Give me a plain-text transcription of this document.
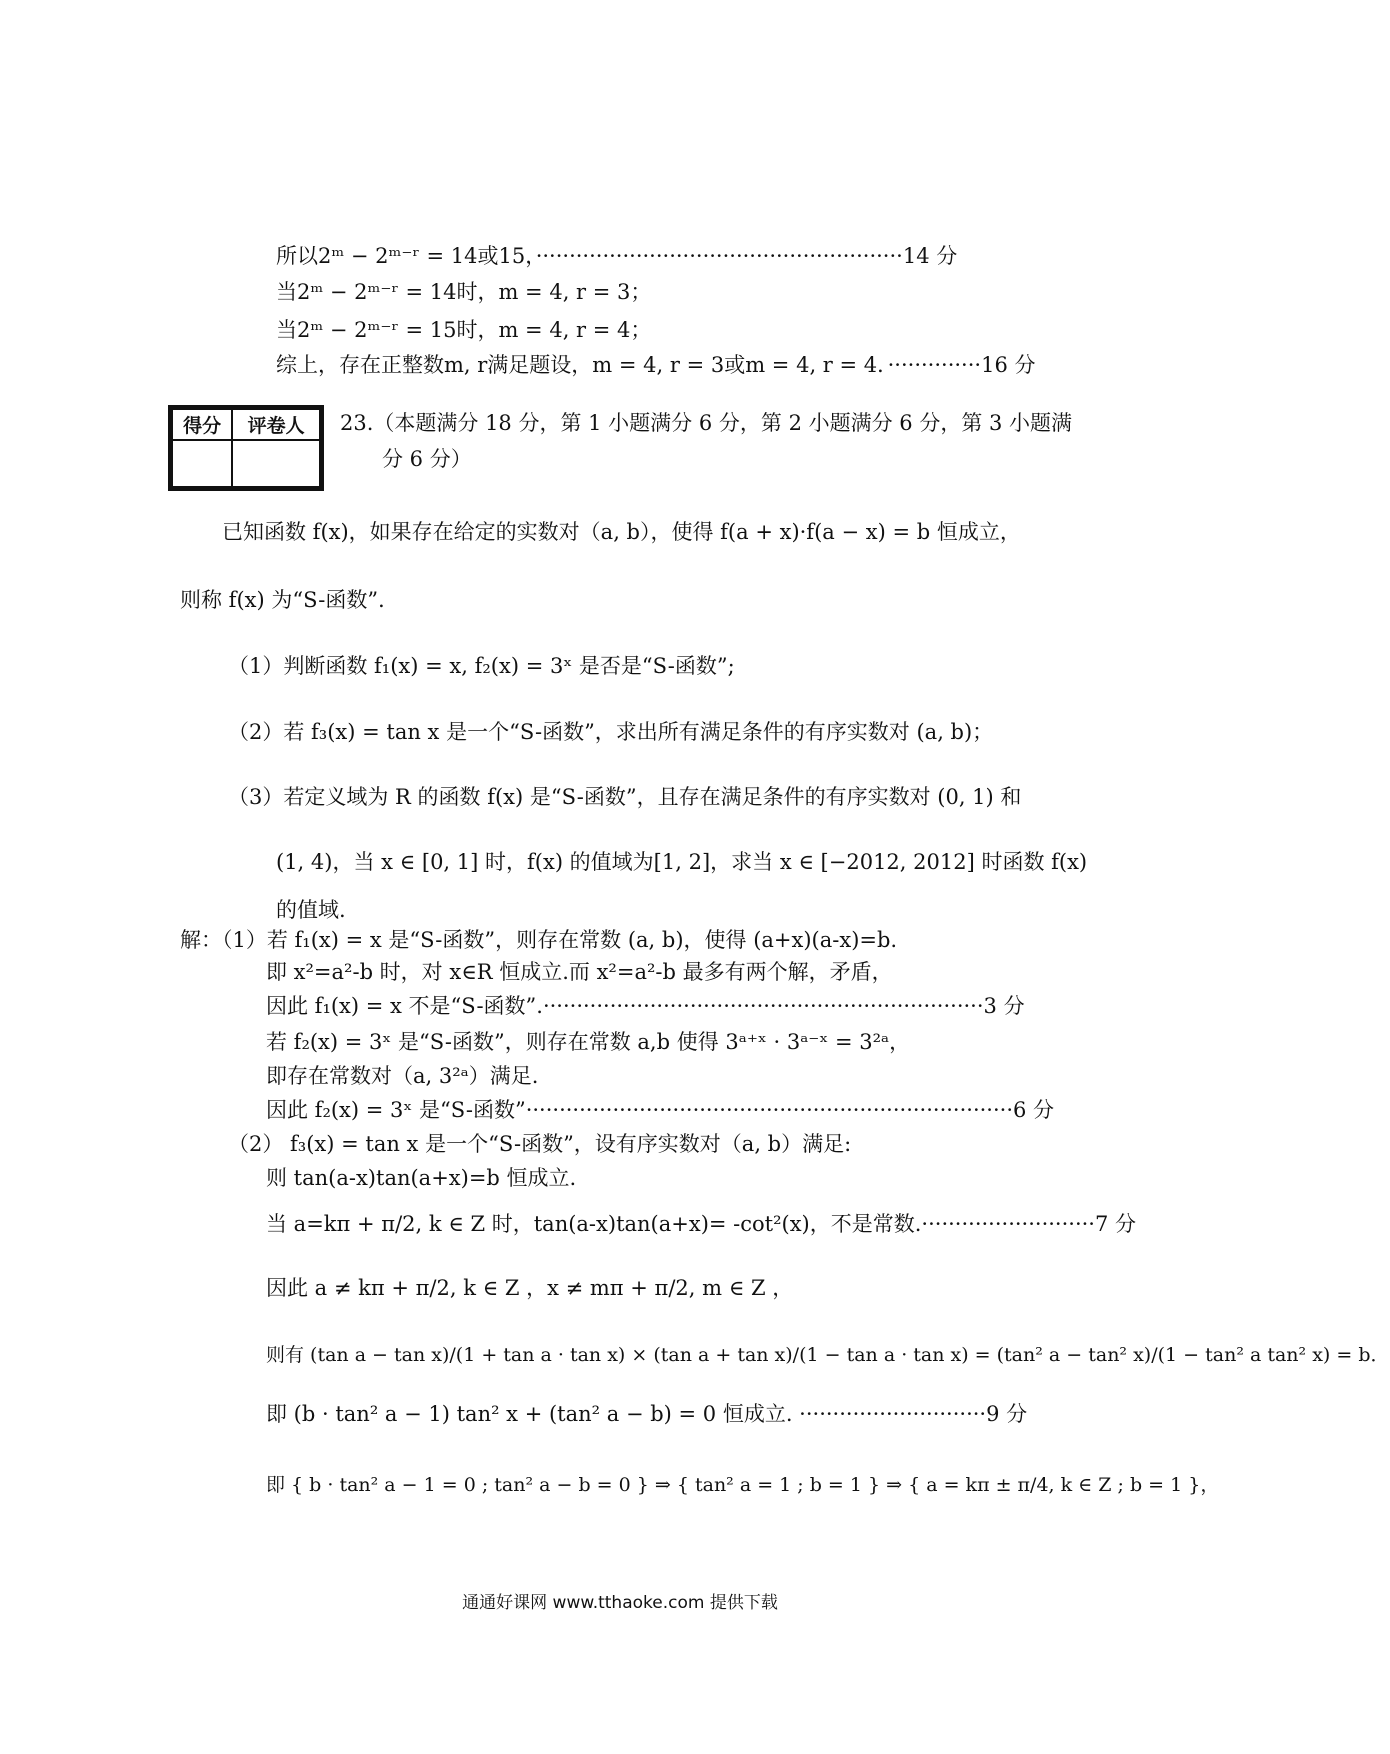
所以2ᵐ − 2ᵐ⁻ʳ = 14或15，·······················································14 分
当2ᵐ − 2ᵐ⁻ʳ = 14时，m = 4, r = 3；
当2ᵐ − 2ᵐ⁻ʳ = 15时，m = 4, r = 4；
综上，存在正整数m, r满足题设，m = 4, r = 3或m = 4, r = 4．··············16 分
得分	评卷人
	23.（本题满分 18 分，第 1 小题满分 6 分，第 2 小题满分 6 分，第 3 小题满
分 6 分）
已知函数 f(x)，如果存在给定的实数对（a, b），使得 f(a + x)·f(a − x) = b 恒成立，
则称 f(x) 为“S-函数”．
（1）判断函数 f₁(x) = x, f₂(x) = 3ˣ 是否是“S-函数”;
（2）若 f₃(x) = tan x 是一个“S-函数”，求出所有满足条件的有序实数对 (a, b)；
（3）若定义域为 R 的函数 f(x) 是“S-函数”，且存在满足条件的有序实数对 (0, 1) 和
(1, 4)，当 x ∈ [0, 1] 时，f(x) 的值域为[1, 2]，求当 x ∈ [−2012, 2012] 时函数 f(x)
的值域.
解：（1）若 f₁(x) = x 是“S-函数”，则存在常数 (a, b)，使得 (a+x)(a-x)=b.
即 x²=a²-b 时，对 x∈R 恒成立.而 x²=a²-b 最多有两个解，矛盾，
因此 f₁(x) = x 不是“S-函数”.··································································3 分
若 f₂(x) = 3ˣ 是“S-函数”，则存在常数 a,b 使得 3ᵃ⁺ˣ · 3ᵃ⁻ˣ = 3²ᵃ，
即存在常数对（a, 3²ᵃ）满足.
因此 f₂(x) = 3ˣ 是“S-函数”·········································································6 分
（2） f₃(x) = tan x 是一个“S-函数”，设有序实数对（a, b）满足:
则 tan(a-x)tan(a+x)=b 恒成立.
当 a=kπ + π/2, k ∈ Z 时，tan(a-x)tan(a+x)= -cot²(x)，不是常数.··························7 分
因此 a ≠ kπ + π/2, k ∈ Z ，x ≠ mπ + π/2, m ∈ Z ，
则有 (tan a − tan x)/(1 + tan a · tan x) × (tan a + tan x)/(1 − tan a · tan x) = (tan² a − tan² x)/(1 − tan² a tan² x) = b．
即 (b · tan² a − 1) tan² x + (tan² a − b) = 0 恒成立. ····························9 分
即 { b · tan² a − 1 = 0 ; tan² a − b = 0 } ⇒ { tan² a = 1 ; b = 1 } ⇒ { a = kπ ± π/4, k ∈ Z ; b = 1 }，
通通好课网 www.tthaoke.com 提供下载
